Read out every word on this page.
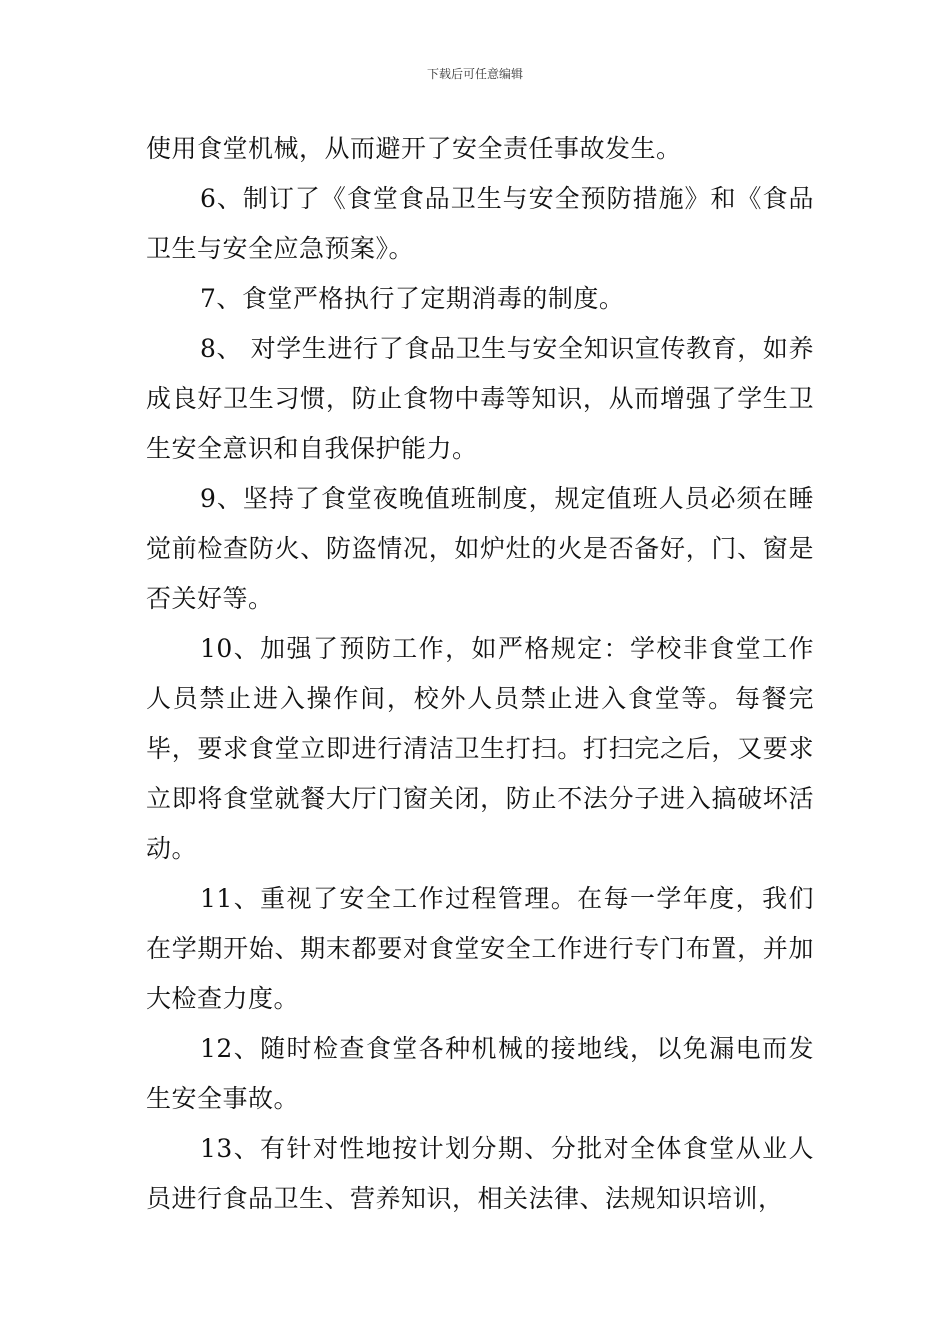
下载后可任意编辑

使用食堂机械，从而避开了安全责任事故发生。

6、制订了《食堂食品卫生与安全预防措施》和《食品卫生与安全应急预案》。

7、食堂严格执行了定期消毒的制度。

8、 对学生进行了食品卫生与安全知识宣传教育，如养成良好卫生习惯，防止食物中毒等知识，从而增强了学生卫生安全意识和自我保护能力。

9、坚持了食堂夜晚值班制度，规定值班人员必须在睡觉前检查防火、防盗情况，如炉灶的火是否备好，门、窗是否关好等。

10、加强了预防工作，如严格规定：学校非食堂工作人员禁止进入操作间，校外人员禁止进入食堂等。每餐完毕，要求食堂立即进行清洁卫生打扫。打扫完之后，又要求立即将食堂就餐大厅门窗关闭，防止不法分子进入搞破坏活动。

11、重视了安全工作过程管理。在每一学年度，我们在学期开始、期末都要对食堂安全工作进行专门布置，并加大检查力度。

12、随时检查食堂各种机械的接地线，以免漏电而发生安全事故。

13、有针对性地按计划分期、分批对全体食堂从业人员进行食品卫生、营养知识，相关法律、法规知识培训，
